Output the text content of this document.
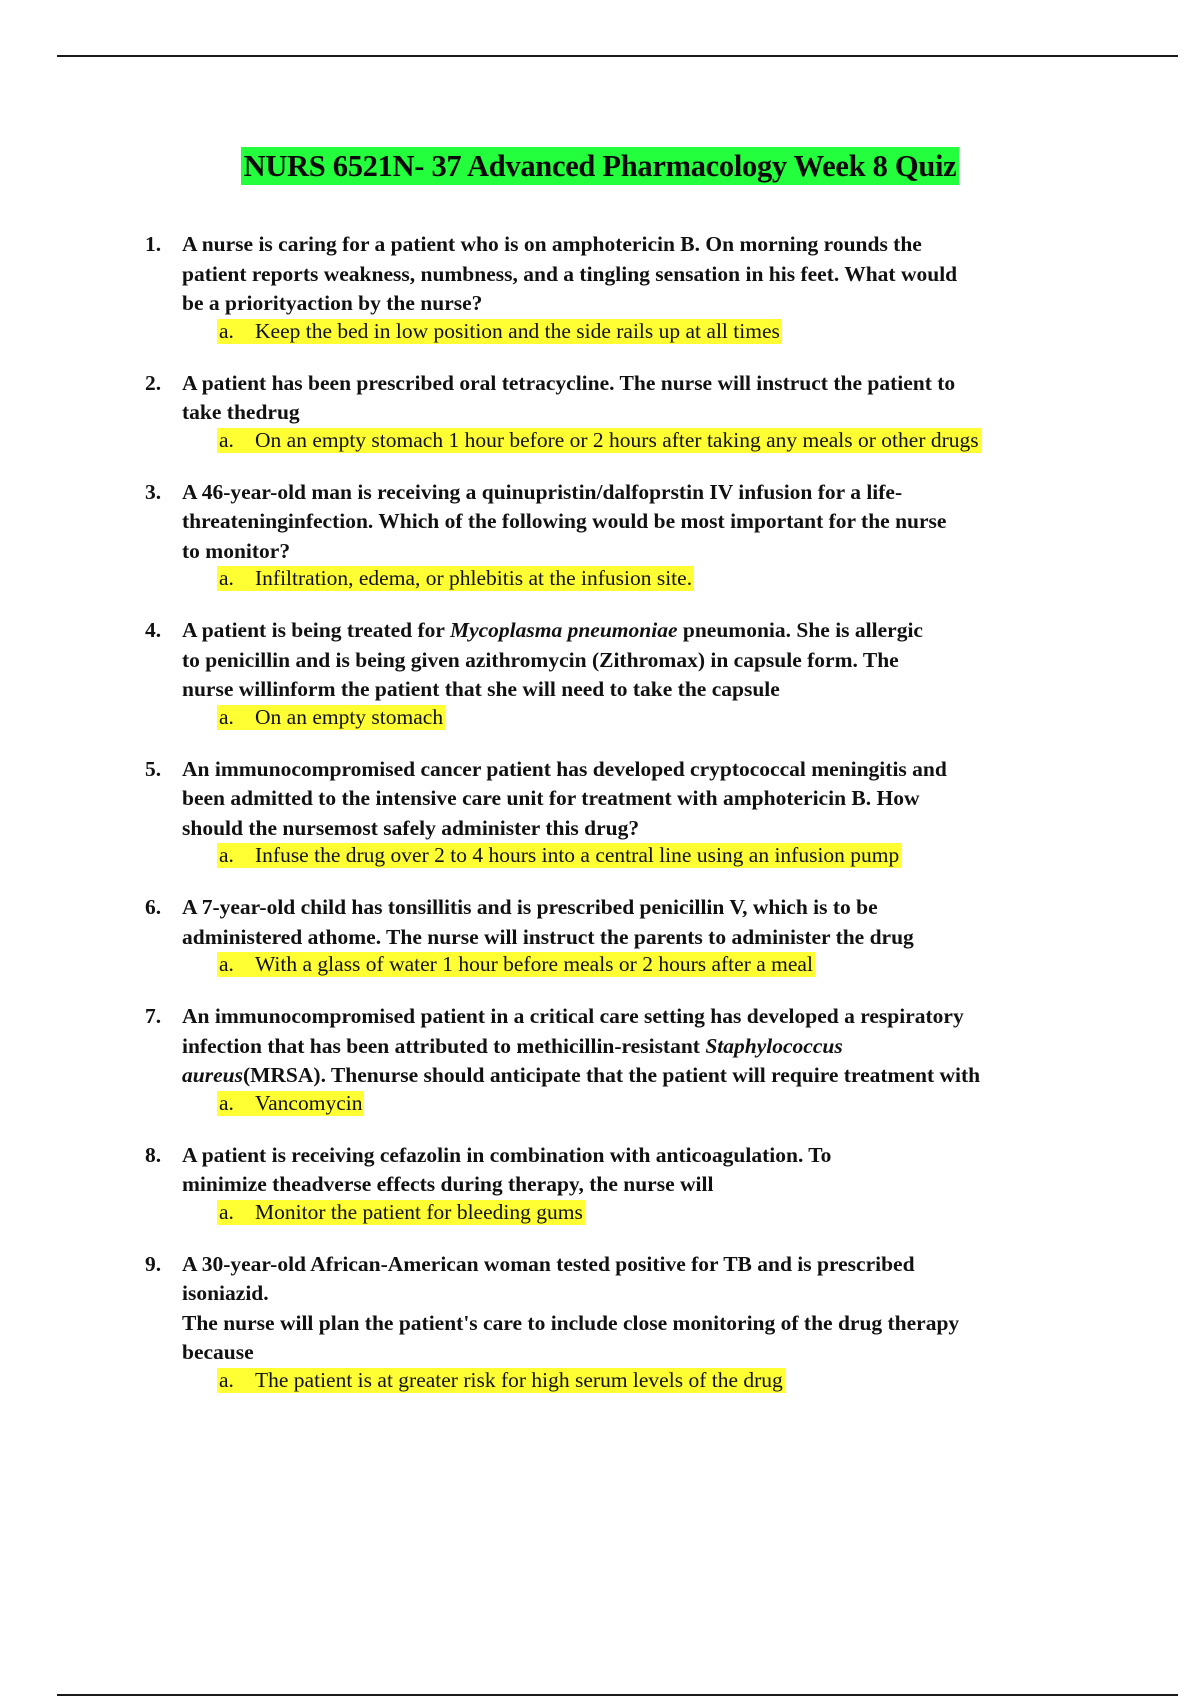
NURS 6521N- 37 Advanced Pharmacology Week 8 Quiz
1. A nurse is caring for a patient who is on amphotericin B. On morning rounds the
patient reports weakness, numbness, and a tingling sensation in his feet. What would
be a priorityaction by the nurse?
a. Keep the bed in low position and the side rails up at all times
2. A patient has been prescribed oral tetracycline. The nurse will instruct the patient to
take thedrug
a. On an empty stomach 1 hour before or 2 hours after taking any meals or other drugs
3. A 46-year-old man is receiving a quinupristin/dalfoprstin IV infusion for a life-
threateninginfection. Which of the following would be most important for the nurse
to monitor?
a. Infiltration, edema, or phlebitis at the infusion site.
4. A patient is being treated for Mycoplasma pneumoniae pneumonia. She is allergic
to penicillin and is being given azithromycin (Zithromax) in capsule form. The
nurse willinform the patient that she will need to take the capsule
a. On an empty stomach
5. An immunocompromised cancer patient has developed cryptococcal meningitis and
been admitted to the intensive care unit for treatment with amphotericin B. How
should the nursemost safely administer this drug?
a. Infuse the drug over 2 to 4 hours into a central line using an infusion pump
6. A 7-year-old child has tonsillitis and is prescribed penicillin V, which is to be
administered athome. The nurse will instruct the parents to administer the drug
a. With a glass of water 1 hour before meals or 2 hours after a meal
7. An immunocompromised patient in a critical care setting has developed a respiratory
infection that has been attributed to methicillin-resistant Staphylococcus
aureus(MRSA). Thenurse should anticipate that the patient will require treatment with
a. Vancomycin
8. A patient is receiving cefazolin in combination with anticoagulation. To
minimize theadverse effects during therapy, the nurse will
a. Monitor the patient for bleeding gums
9. A 30-year-old African-American woman tested positive for TB and is prescribed
isoniazid.
The nurse will plan the patient's care to include close monitoring of the drug therapy
because
a. The patient is at greater risk for high serum levels of the drug
